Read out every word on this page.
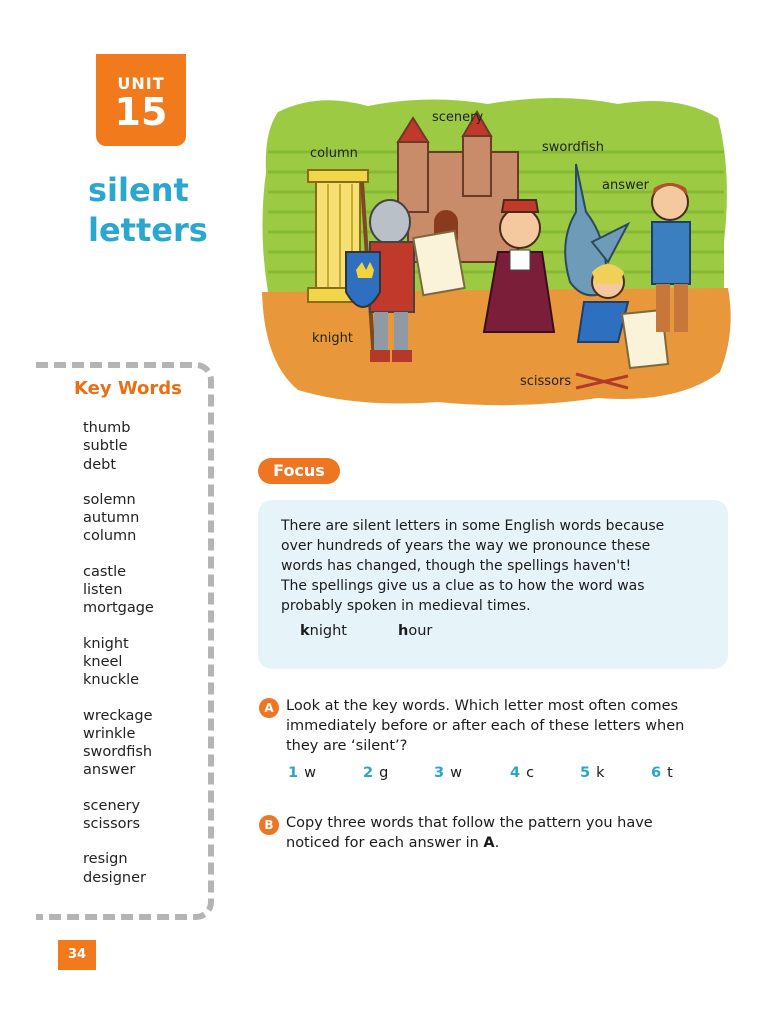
UNIT
15
silent
letters
Key Words
thumb
subtle
debt
solemn
autumn
column
castle
listen
mortgage
knight
kneel
knuckle
wreckage
wrinkle
swordfish
answer
scenery
scissors
resign
designer
scenery
column	swordfish
answer
knight
scissors
Focus
There are silent letters in some English words because
over hundreds of years the way we pronounce these
words has changed, though the spellings haven't!
The spellings give us a clue as to how the word was
probably spoken in medieval times.
knight	hour
A Look at the key words. Which letter most often comes
immediately before or after each of these letters when
they are ‘silent’?
1 w	2 g	3 w	4 c	5 k	6 t
B Copy three words that follow the pattern you have
noticed for each answer in A.
34
